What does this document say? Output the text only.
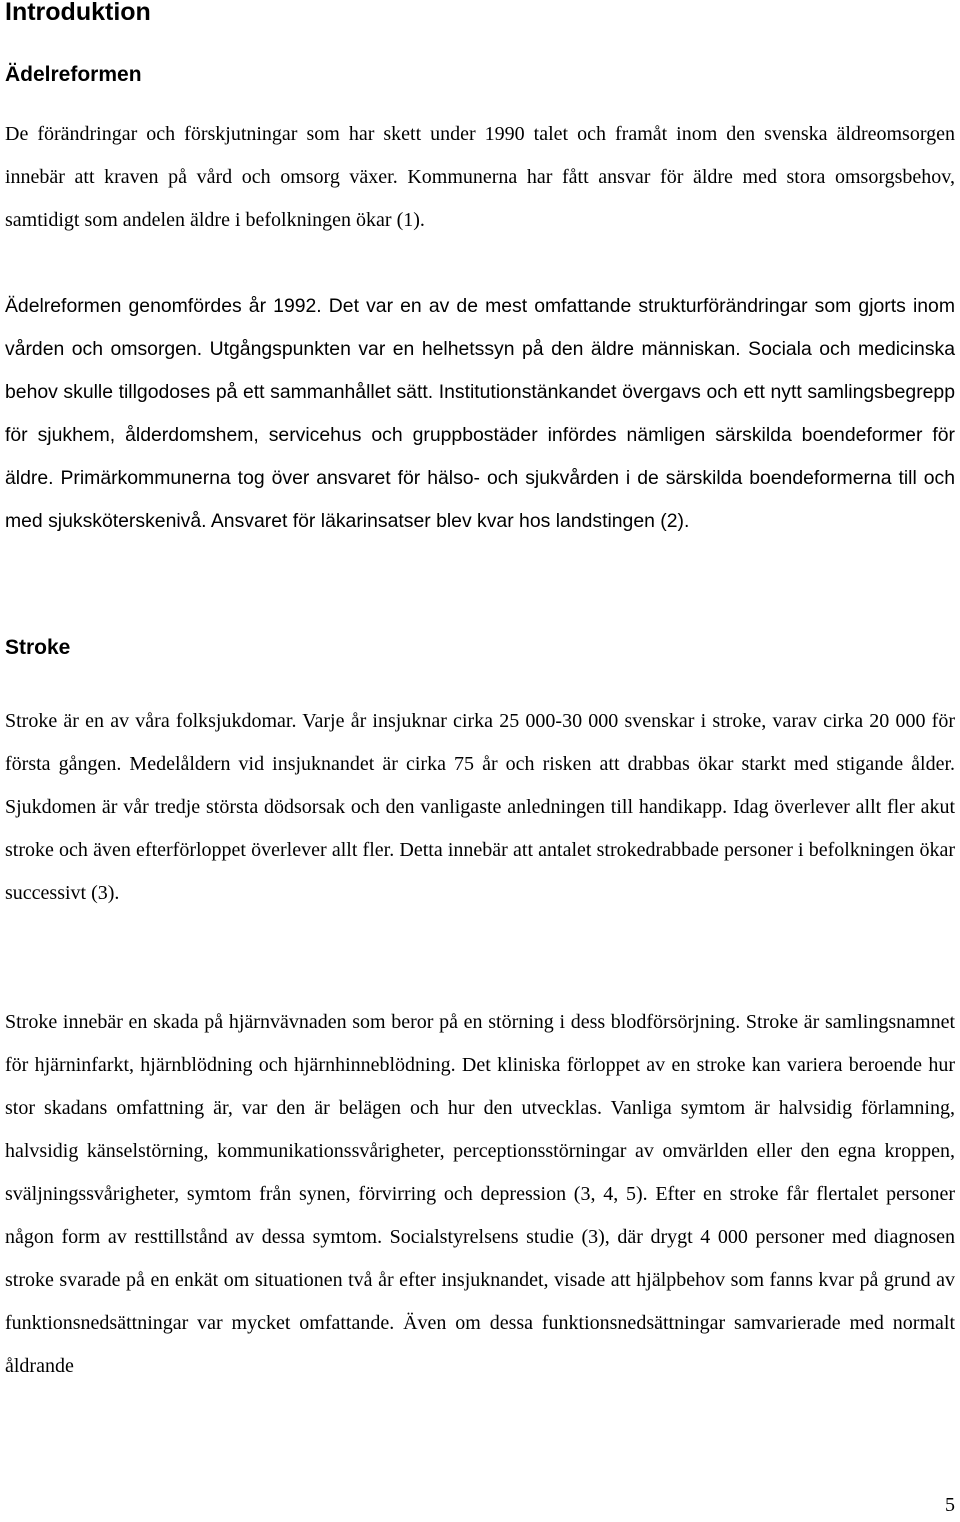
Introduktion
Ädelreformen

De förändringar och förskjutningar som har skett under 1990 talet och framåt inom den svenska äldreomsorgen innebär att kraven på vård och omsorg växer. Kommunerna har fått ansvar för äldre med stora omsorgsbehov, samtidigt som andelen äldre i befolkningen ökar (1).

Ädelreformen genomfördes år 1992. Det var en av de mest omfattande strukturförändringar som gjorts inom vården och omsorgen. Utgångspunkten var en helhetssyn på den äldre människan. Sociala och medicinska behov skulle tillgodoses på ett sammanhållet sätt. Institutionstänkandet övergavs och ett nytt samlingsbegrepp för sjukhem, ålderdomshem, servicehus och gruppbostäder infördes nämligen särskilda boendeformer för äldre. Primärkommunerna tog över ansvaret för hälso- och sjukvården i de särskilda boendeformerna till och med sjuksköterskenivå. Ansvaret för läkarinsatser blev kvar hos landstingen (2).

Stroke

Stroke är en av våra folksjukdomar. Varje år insjuknar cirka 25 000-30 000 svenskar i stroke, varav cirka 20 000 för första gången. Medelåldern vid insjuknandet är cirka 75 år och risken att drabbas ökar starkt med stigande ålder. Sjukdomen är vår tredje största dödsorsak och den vanligaste anledningen till handikapp. Idag överlever allt fler akut stroke och även efterförloppet överlever allt fler. Detta innebär att antalet strokedrabbade personer i befolkningen ökar successivt (3).

Stroke innebär en skada på hjärnvävnaden som beror på en störning i dess blodförsörjning. Stroke är samlingsnamnet för hjärninfarkt, hjärnblödning och hjärnhinneblödning. Det kliniska förloppet av en stroke kan variera beroende hur stor skadans omfattning är, var den är belägen och hur den utvecklas. Vanliga symtom är halvsidig förlamning, halvsidig känselstörning, kommunikationssvårigheter, perceptionsstörningar av omvärlden eller den egna kroppen, sväljningssvårigheter, symtom från synen, förvirring och depression (3, 4, 5). Efter en stroke får flertalet personer någon form av resttillstånd av dessa symtom. Socialstyrelsens studie (3), där drygt 4 000 personer med diagnosen stroke svarade på en enkät om situationen två år efter insjuknandet, visade att hjälpbehov som fanns kvar på grund av funktionsnedsättningar var mycket omfattande. Även om dessa funktionsnedsättningar samvarierade med normalt åldrande

5
